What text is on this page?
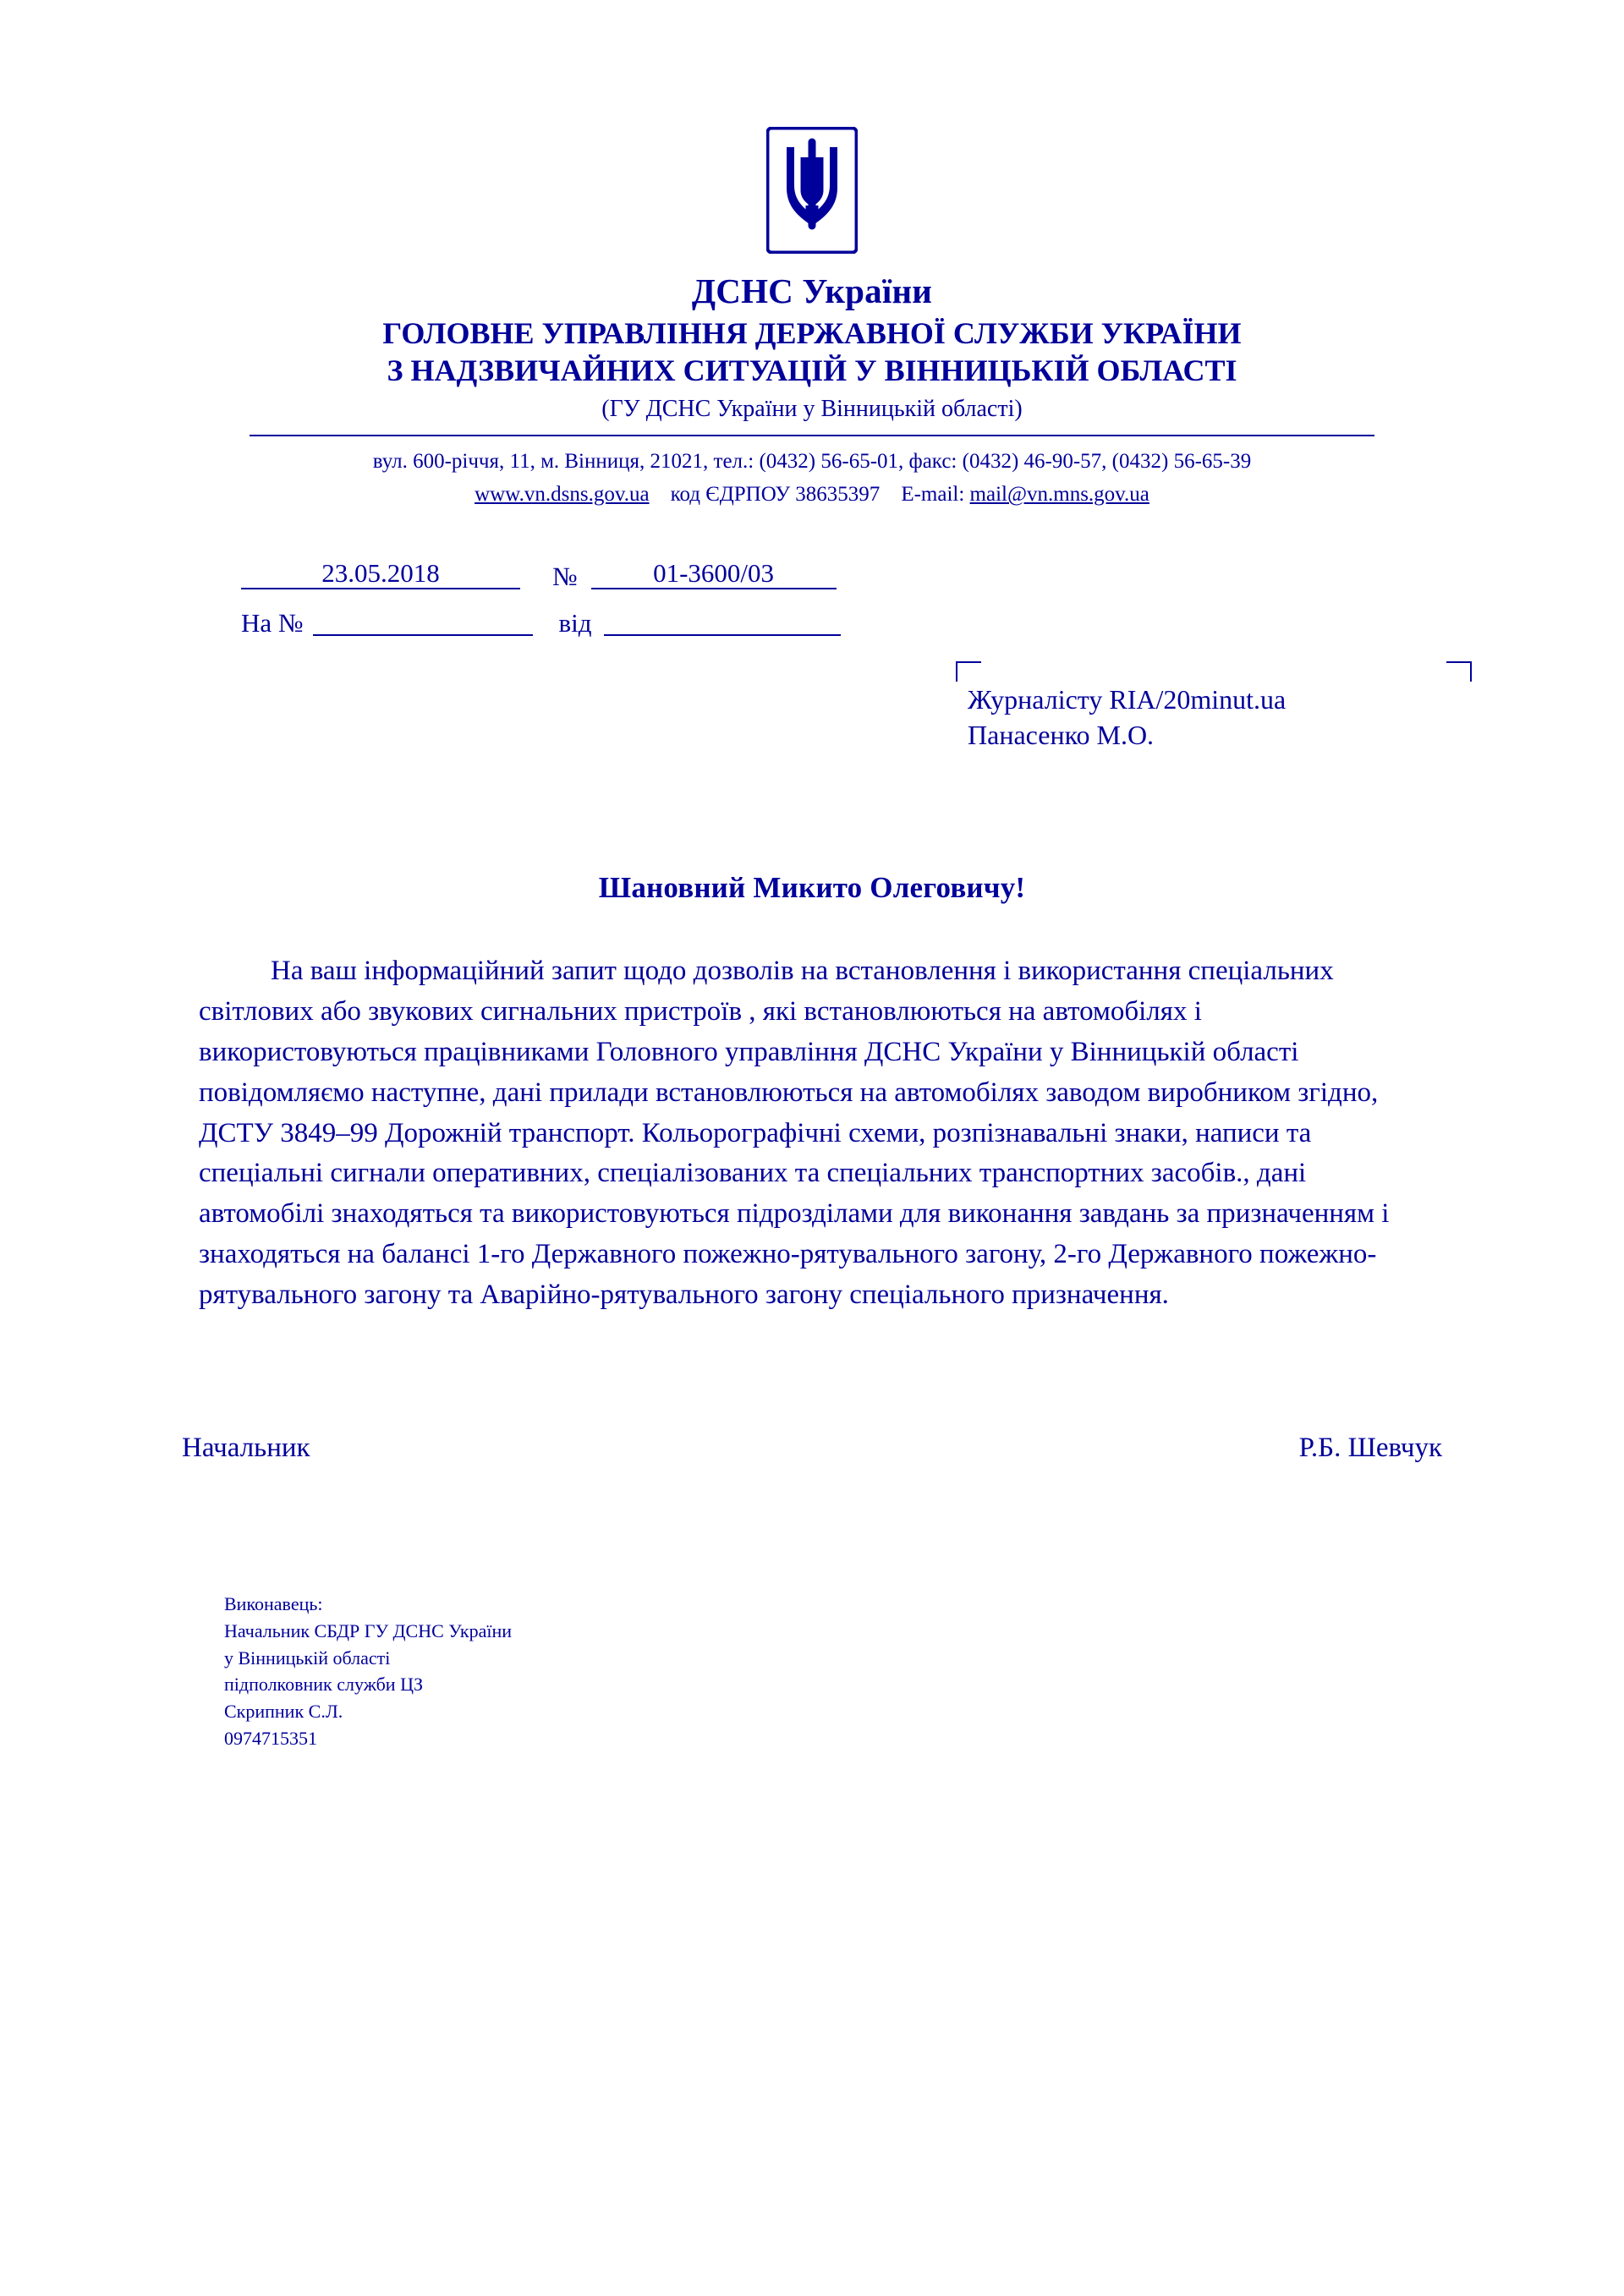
ДСНС України
ГОЛОВНЕ УПРАВЛІННЯ ДЕРЖАВНОЇ СЛУЖБИ УКРАЇНИ
З НАДЗВИЧАЙНИХ СИТУАЦІЙ У ВІННИЦЬКІЙ ОБЛАСТІ
(ГУ ДСНС України у Вінницькій області)
вул. 600-річчя, 11, м. Вінниця, 21021, тел.: (0432) 56-65-01, факс: (0432) 46-90-57, (0432) 56-65-39
www.vn.dsns.gov.ua код ЄДРПОУ 38635397 E-mail: mail@vn.mns.gov.ua
23.05.2018	№	01-3600/03
На №	від
Журналісту RIA/20minut.ua
Панасенко М.О.
Шановний Микито Олеговичу!
На ваш інформаційний запит щодо дозволів на встановлення і використання спеціальних світлових або звукових сигнальних пристроїв , які встановлюються на автомобілях і використовуються працівниками Головного управління ДСНС України у Вінницькій області повідомляємо наступне, дані прилади встановлюються на автомобілях заводом виробником згідно, ДСТУ 3849–99 Дорожній транспорт. Кольорографічні схеми, розпізнавальні знаки, написи та спеціальні сигнали оперативних, спеціалізованих та спеціальних транспортних засобів., дані автомобілі знаходяться та використовуються підрозділами для виконання завдань за призначенням і знаходяться на балансі 1-го Державного пожежно-рятувального загону, 2-го Державного пожежно-рятувального загону та Аварійно-рятувального загону спеціального призначення.
Начальник	Р.Б. Шевчук
Виконавець:
Начальник СБДР ГУ ДСНС України
у Вінницькій області
підполковник служби ЦЗ
Скрипник С.Л.
0974715351
